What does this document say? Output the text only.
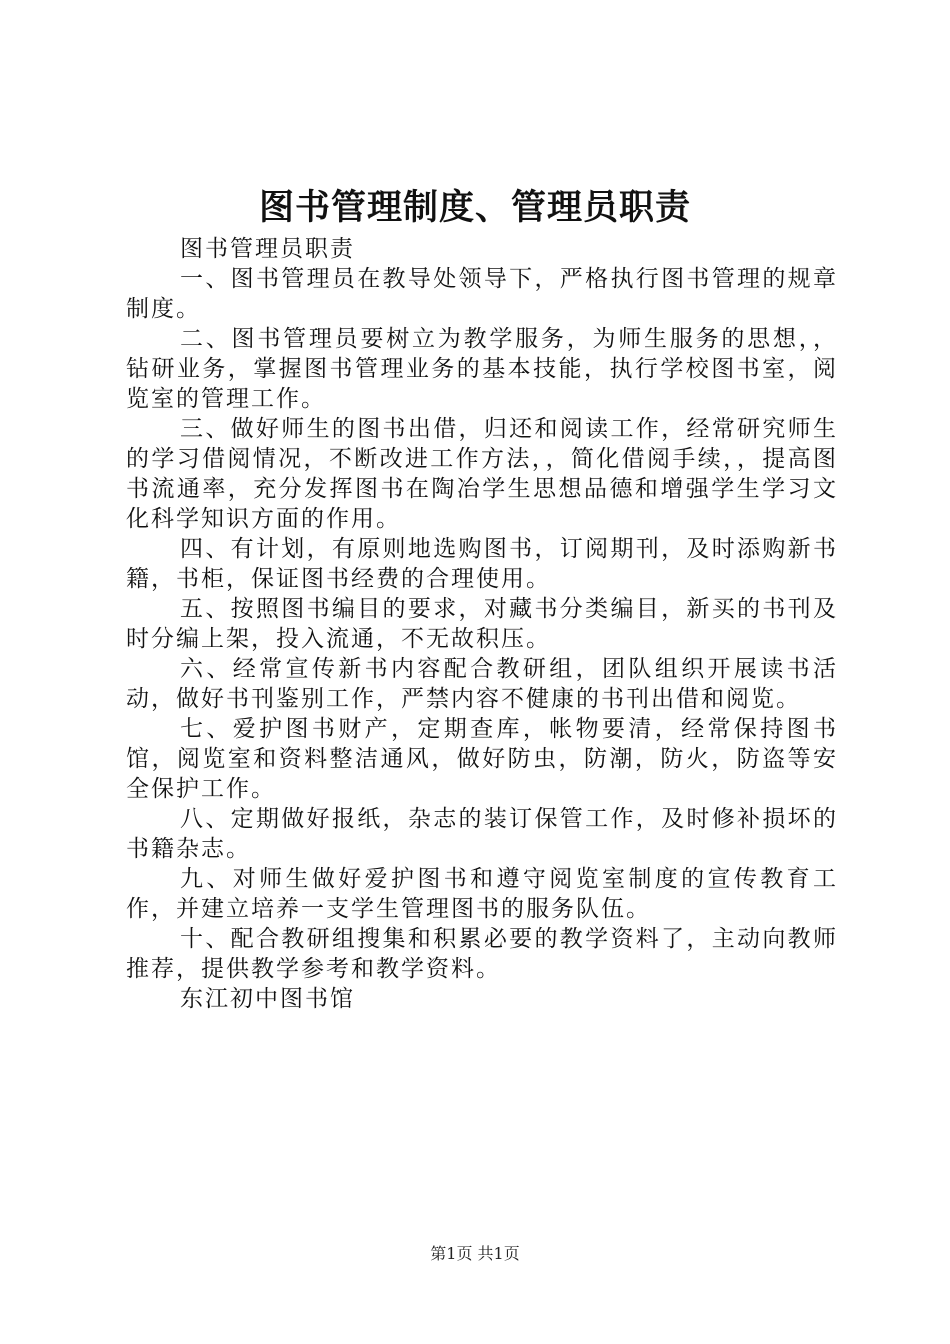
图书管理制度、管理员职责

图书管理员职责

一、图书管理员在教导处领导下，严格执行图书管理的规章制度。

二、图书管理员要树立为教学服务，为师生服务的思想，，钻研业务，掌握图书管理业务的基本技能，执行学校图书室，阅览室的管理工作。

三、做好师生的图书出借，归还和阅读工作，经常研究师生的学习借阅情况，不断改进工作方法，，简化借阅手续，，提高图书流通率，充分发挥图书在陶冶学生思想品德和增强学生学习文化科学知识方面的作用。

四、有计划，有原则地选购图书，订阅期刊，及时添购新书籍，书柜，保证图书经费的合理使用。

五、按照图书编目的要求，对藏书分类编目，新买的书刊及时分编上架，投入流通，不无故积压。

六、经常宣传新书内容配合教研组，团队组织开展读书活动，做好书刊鉴别工作，严禁内容不健康的书刊出借和阅览。

七、爱护图书财产，定期查库，帐物要清，经常保持图书馆，阅览室和资料整洁通风，做好防虫，防潮，防火，防盗等安全保护工作。

八、定期做好报纸，杂志的装订保管工作，及时修补损坏的书籍杂志。

九、对师生做好爱护图书和遵守阅览室制度的宣传教育工作，并建立培养一支学生管理图书的服务队伍。

十、配合教研组搜集和积累必要的教学资料了，主动向教师推荐，提供教学参考和教学资料。

东江初中图书馆

第1页 共1页
